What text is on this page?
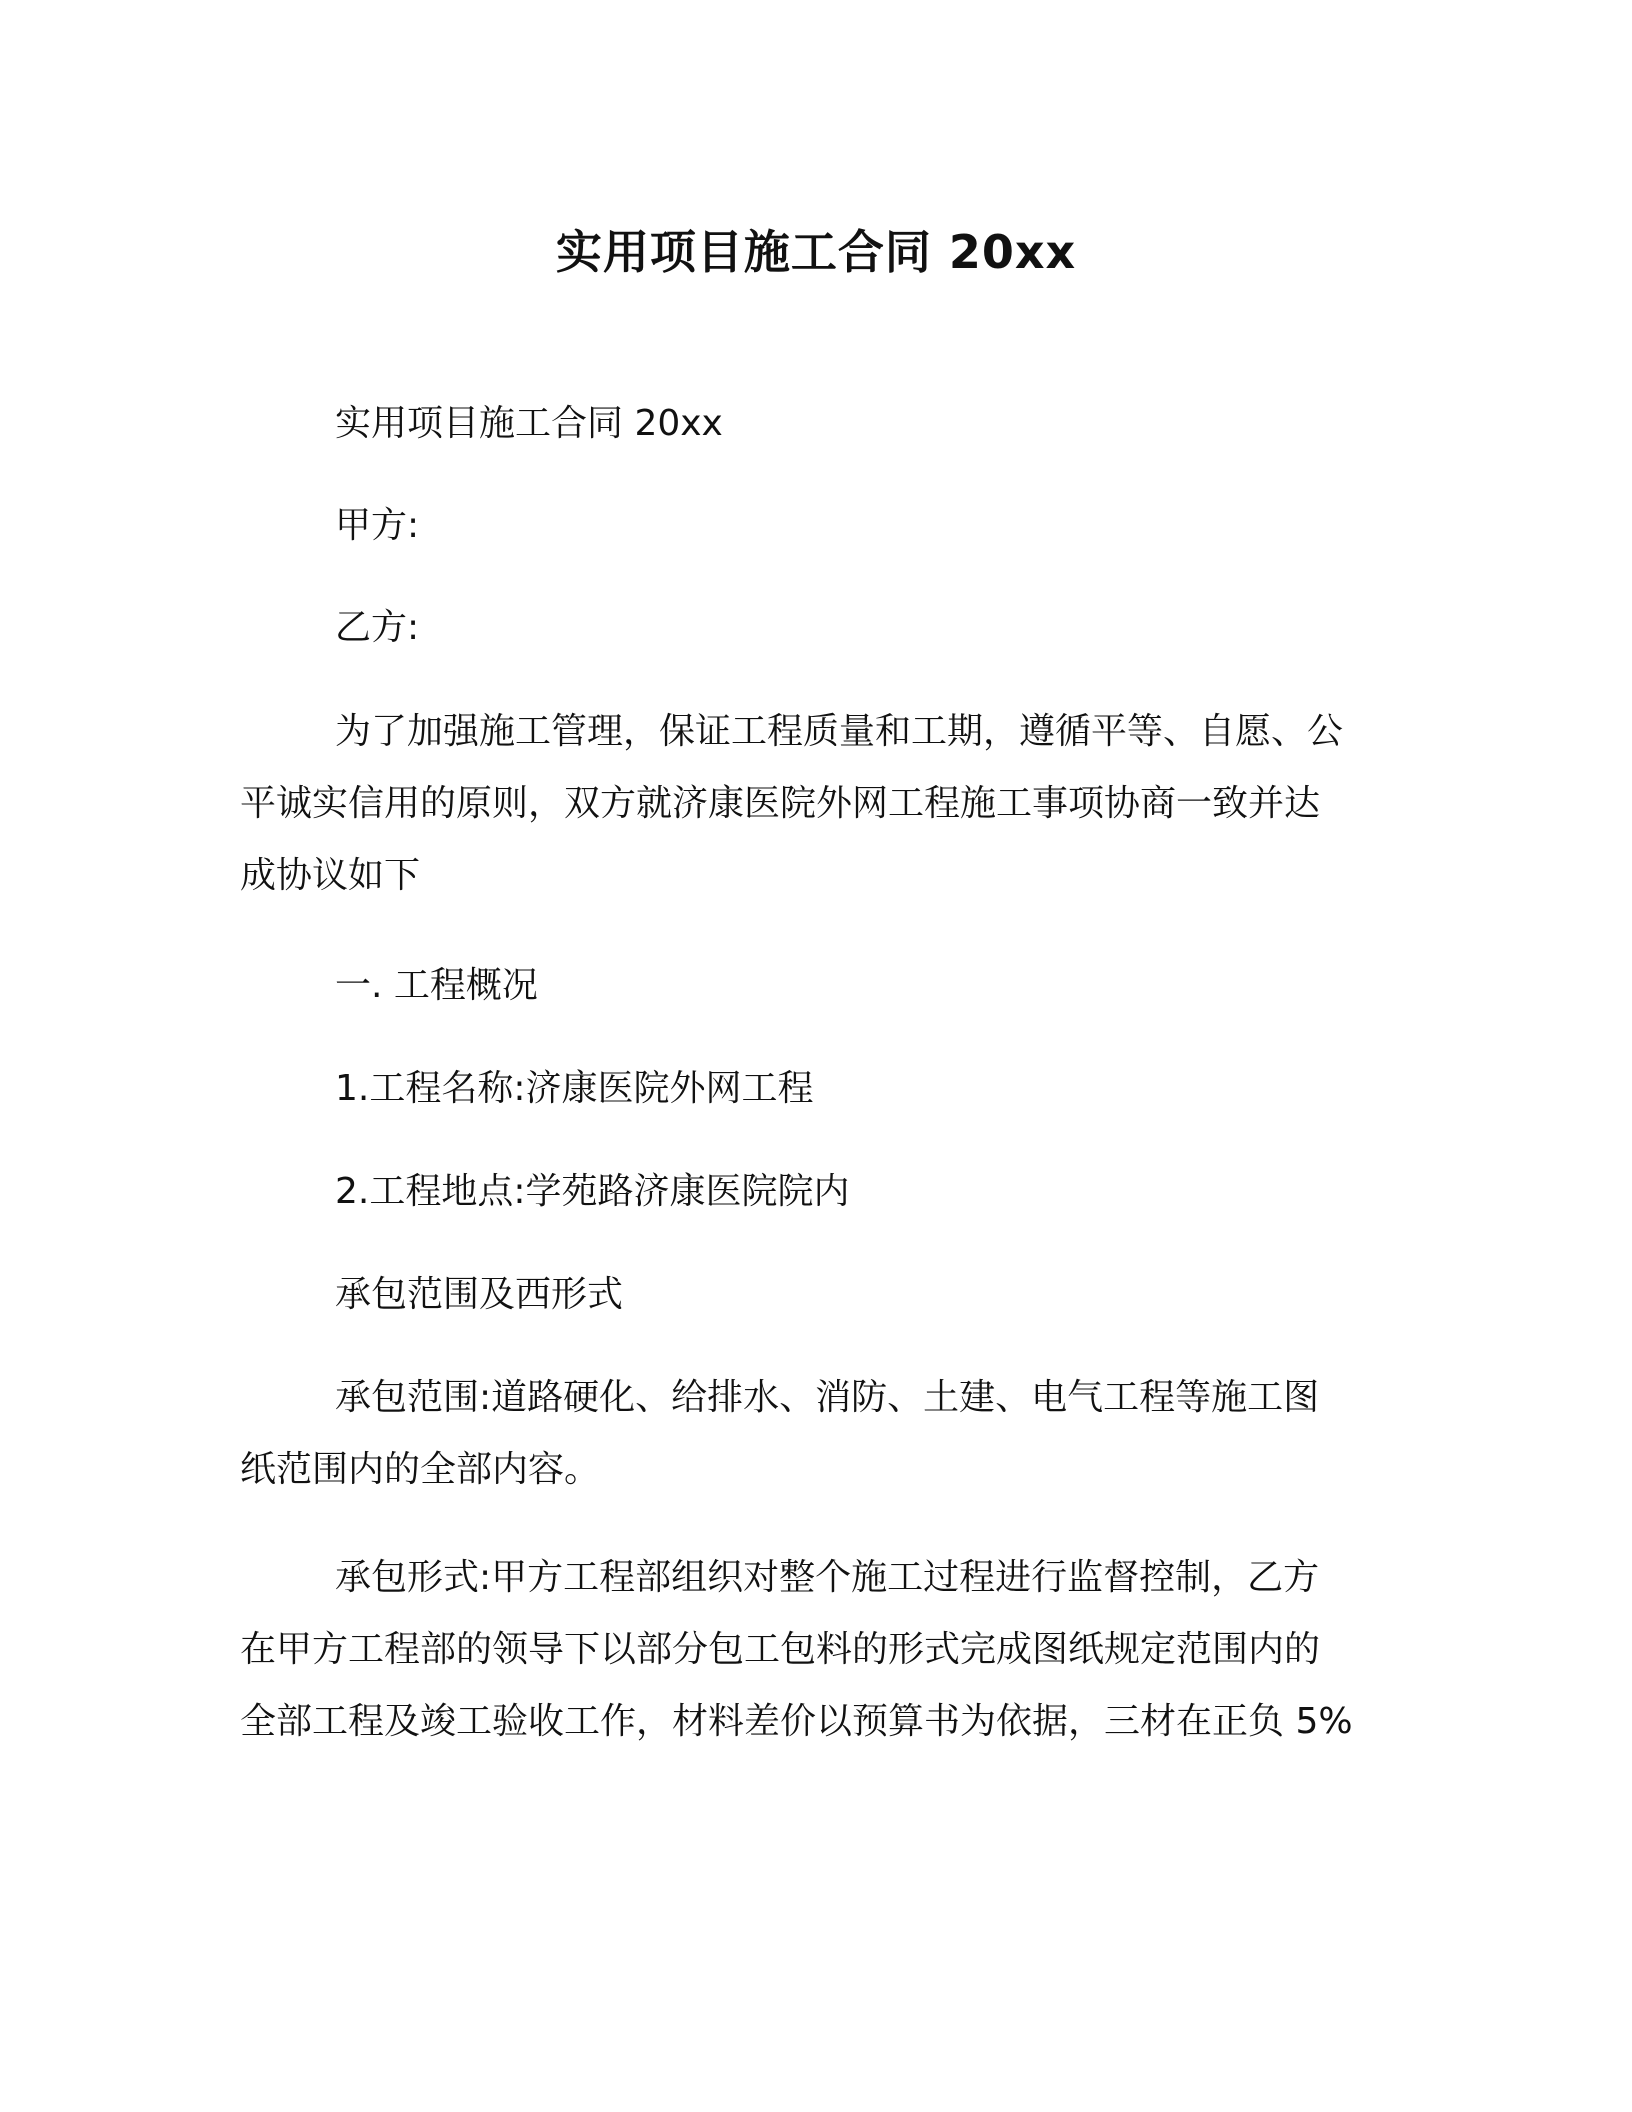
实用项目施工合同 20xx
实用项目施工合同 20xx
甲方:
乙方:
为了加强施工管理，保证工程质量和工期，遵循平等、自愿、公
平诚实信用的原则，双方就济康医院外网工程施工事项协商一致并达
成协议如下
一. 工程概况
1.工程名称:济康医院外网工程
2.工程地点:学苑路济康医院院内
承包范围及西形式
承包范围:道路硬化、给排水、消防、土建、电气工程等施工图
纸范围内的全部内容。
承包形式:甲方工程部组织对整个施工过程进行监督控制，乙方
在甲方工程部的领导下以部分包工包料的形式完成图纸规定范围内的
全部工程及竣工验收工作，材料差价以预算书为依据，三材在正负 5%
